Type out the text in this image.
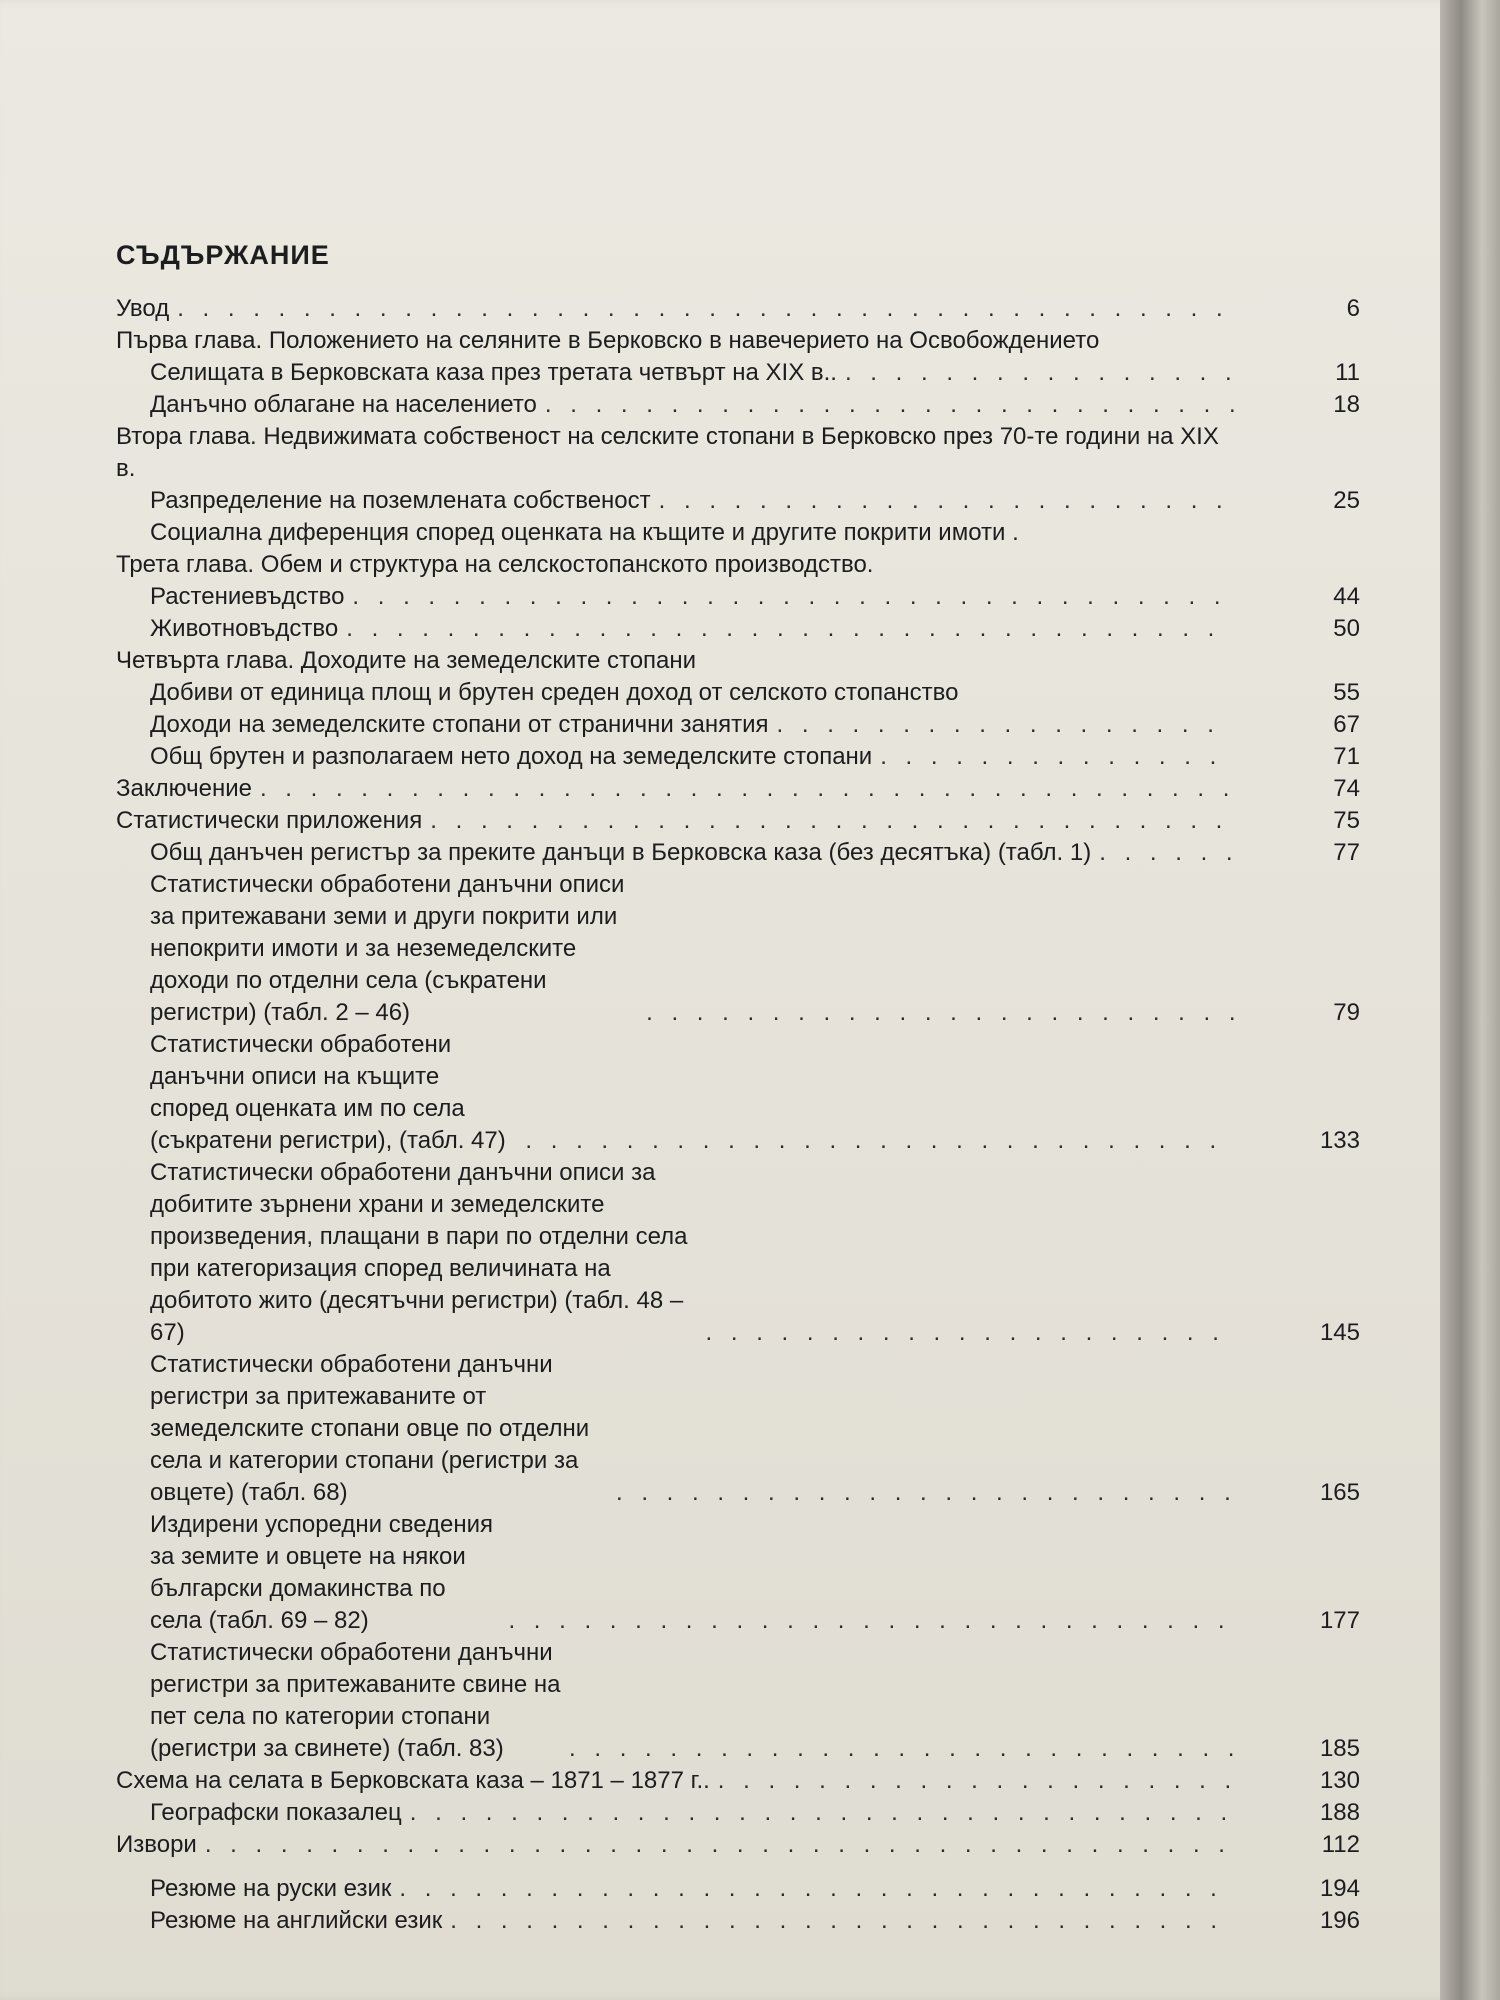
СЪДЪРЖАНИЕ
Увод . . .	6
Първа глава. Положението на селяните в Берковско в навечерието на Освобождението
Селищата в Берковската каза през третата четвърт на XIX в.. . . .	11
Данъчно облагане на населението . . .	18
Втора глава. Недвижимата собственост на селските стопани в Берковско през 70-те години на XIX в.
Разпределение на поземлената собственост . . .	25
Социална диференция според оценката на къщите и другите покрити имоти .
Трета глава. Обем и структура на селскостопанското производство.
Растениевъдство . . .	44
Животновъдство . . .	50
Четвърта глава. Доходите на земеделските стопани
Добиви от единица площ и брутен среден доход от селското стопанство	55
Доходи на земеделските стопани от странични занятия . . .	67
Общ брутен и разполагаем нето доход на земеделските стопани . . .	71
Заключение . . .	74
Статистически приложения . . .	75
Общ данъчен регистър за преките данъци в Берковска каза (без десятъка) (табл. 1) . . .	77
Статистически обработени данъчни описи за притежавани земи и други покрити или непокрити имоти и за неземеделските доходи по отделни села (съкратени регистри) (табл. 2 – 46) . . .	79
Статистически обработени данъчни описи на къщите според оценката им по села (съкратени регистри), (табл. 47) . . .	133
Статистически обработени данъчни описи за добитите зърнени храни и земеделските произведения, плащани в пари по отделни села при категоризация според величината на добитото жито (десятъчни регистри) (табл. 48 – 67) . . .	145
Статистически обработени данъчни регистри за притежаваните от земеделските стопани овце по отделни села и категории стопани (регистри за овцете) (табл. 68) . . .	165
Издирени успоредни сведения за земите и овцете на някои български домакинства по села (табл. 69 – 82) . . .	177
Статистически обработени данъчни регистри за притежаваните свине на пет села по категории стопани (регистри за свинете) (табл. 83) . . .	185
Схема на селата в Берковската каза – 1871 – 1877 г.. . . .	130
Географски показалец . . .	188
Извори . . .	112
Резюме на руски език . . .	194
Резюме на английски език . . .	196
